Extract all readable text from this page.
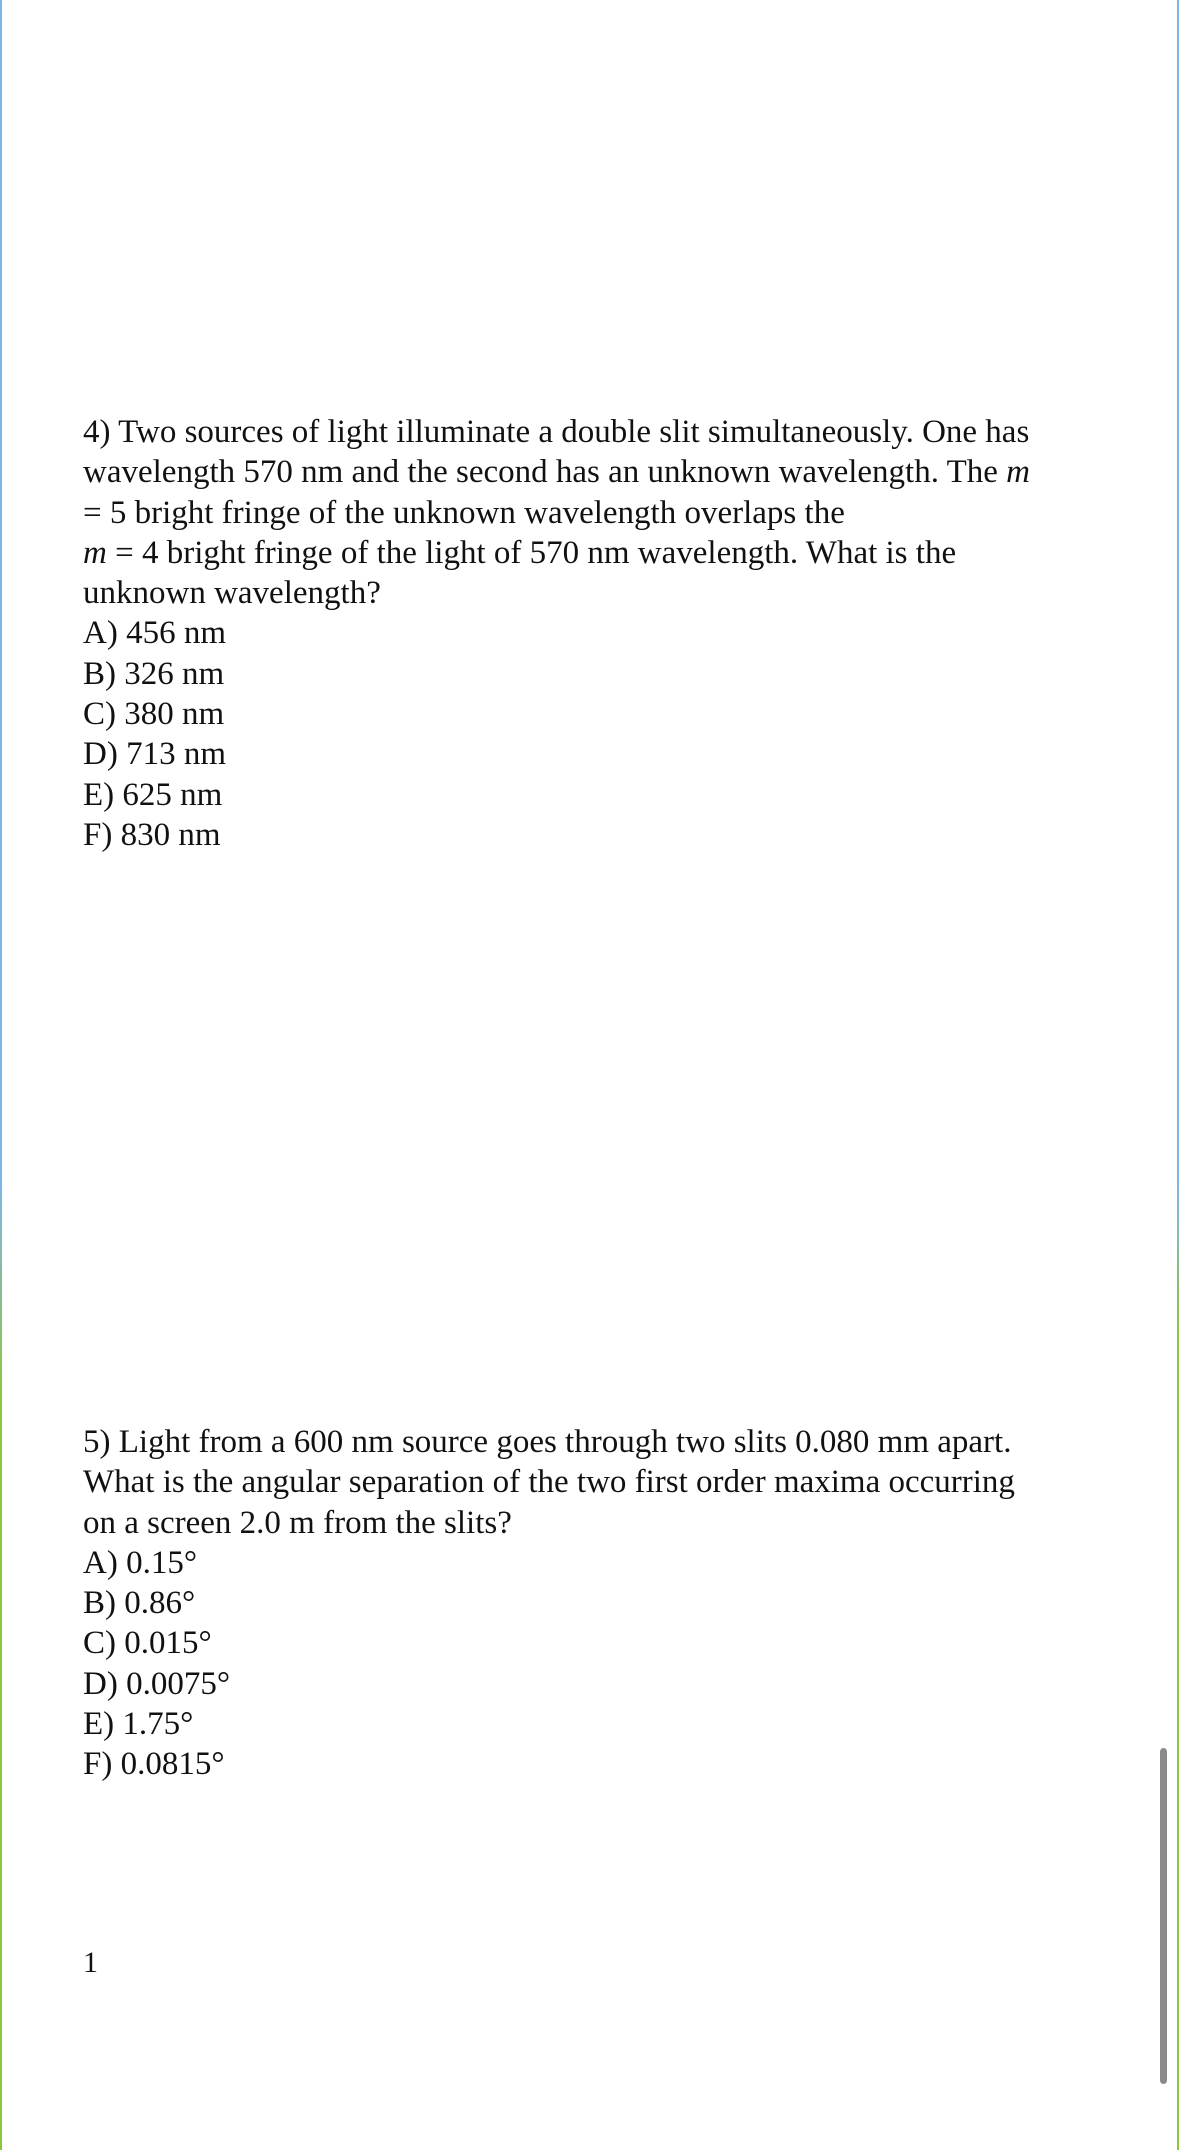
4) Two sources of light illuminate a double slit simultaneously. One has
wavelength 570 nm and the second has an unknown wavelength. The m
= 5 bright fringe of the unknown wavelength overlaps the
m = 4 bright fringe of the light of 570 nm wavelength. What is the
unknown wavelength?
A) 456 nm
B) 326 nm
C) 380 nm
D) 713 nm
E) 625 nm
F) 830 nm
5) Light from a 600 nm source goes through two slits 0.080 mm apart.
What is the angular separation of the two first order maxima occurring
on a screen 2.0 m from the slits?
A) 0.15°
B) 0.86°
C) 0.015°
D) 0.0075°
E) 1.75°
F) 0.0815°
1
